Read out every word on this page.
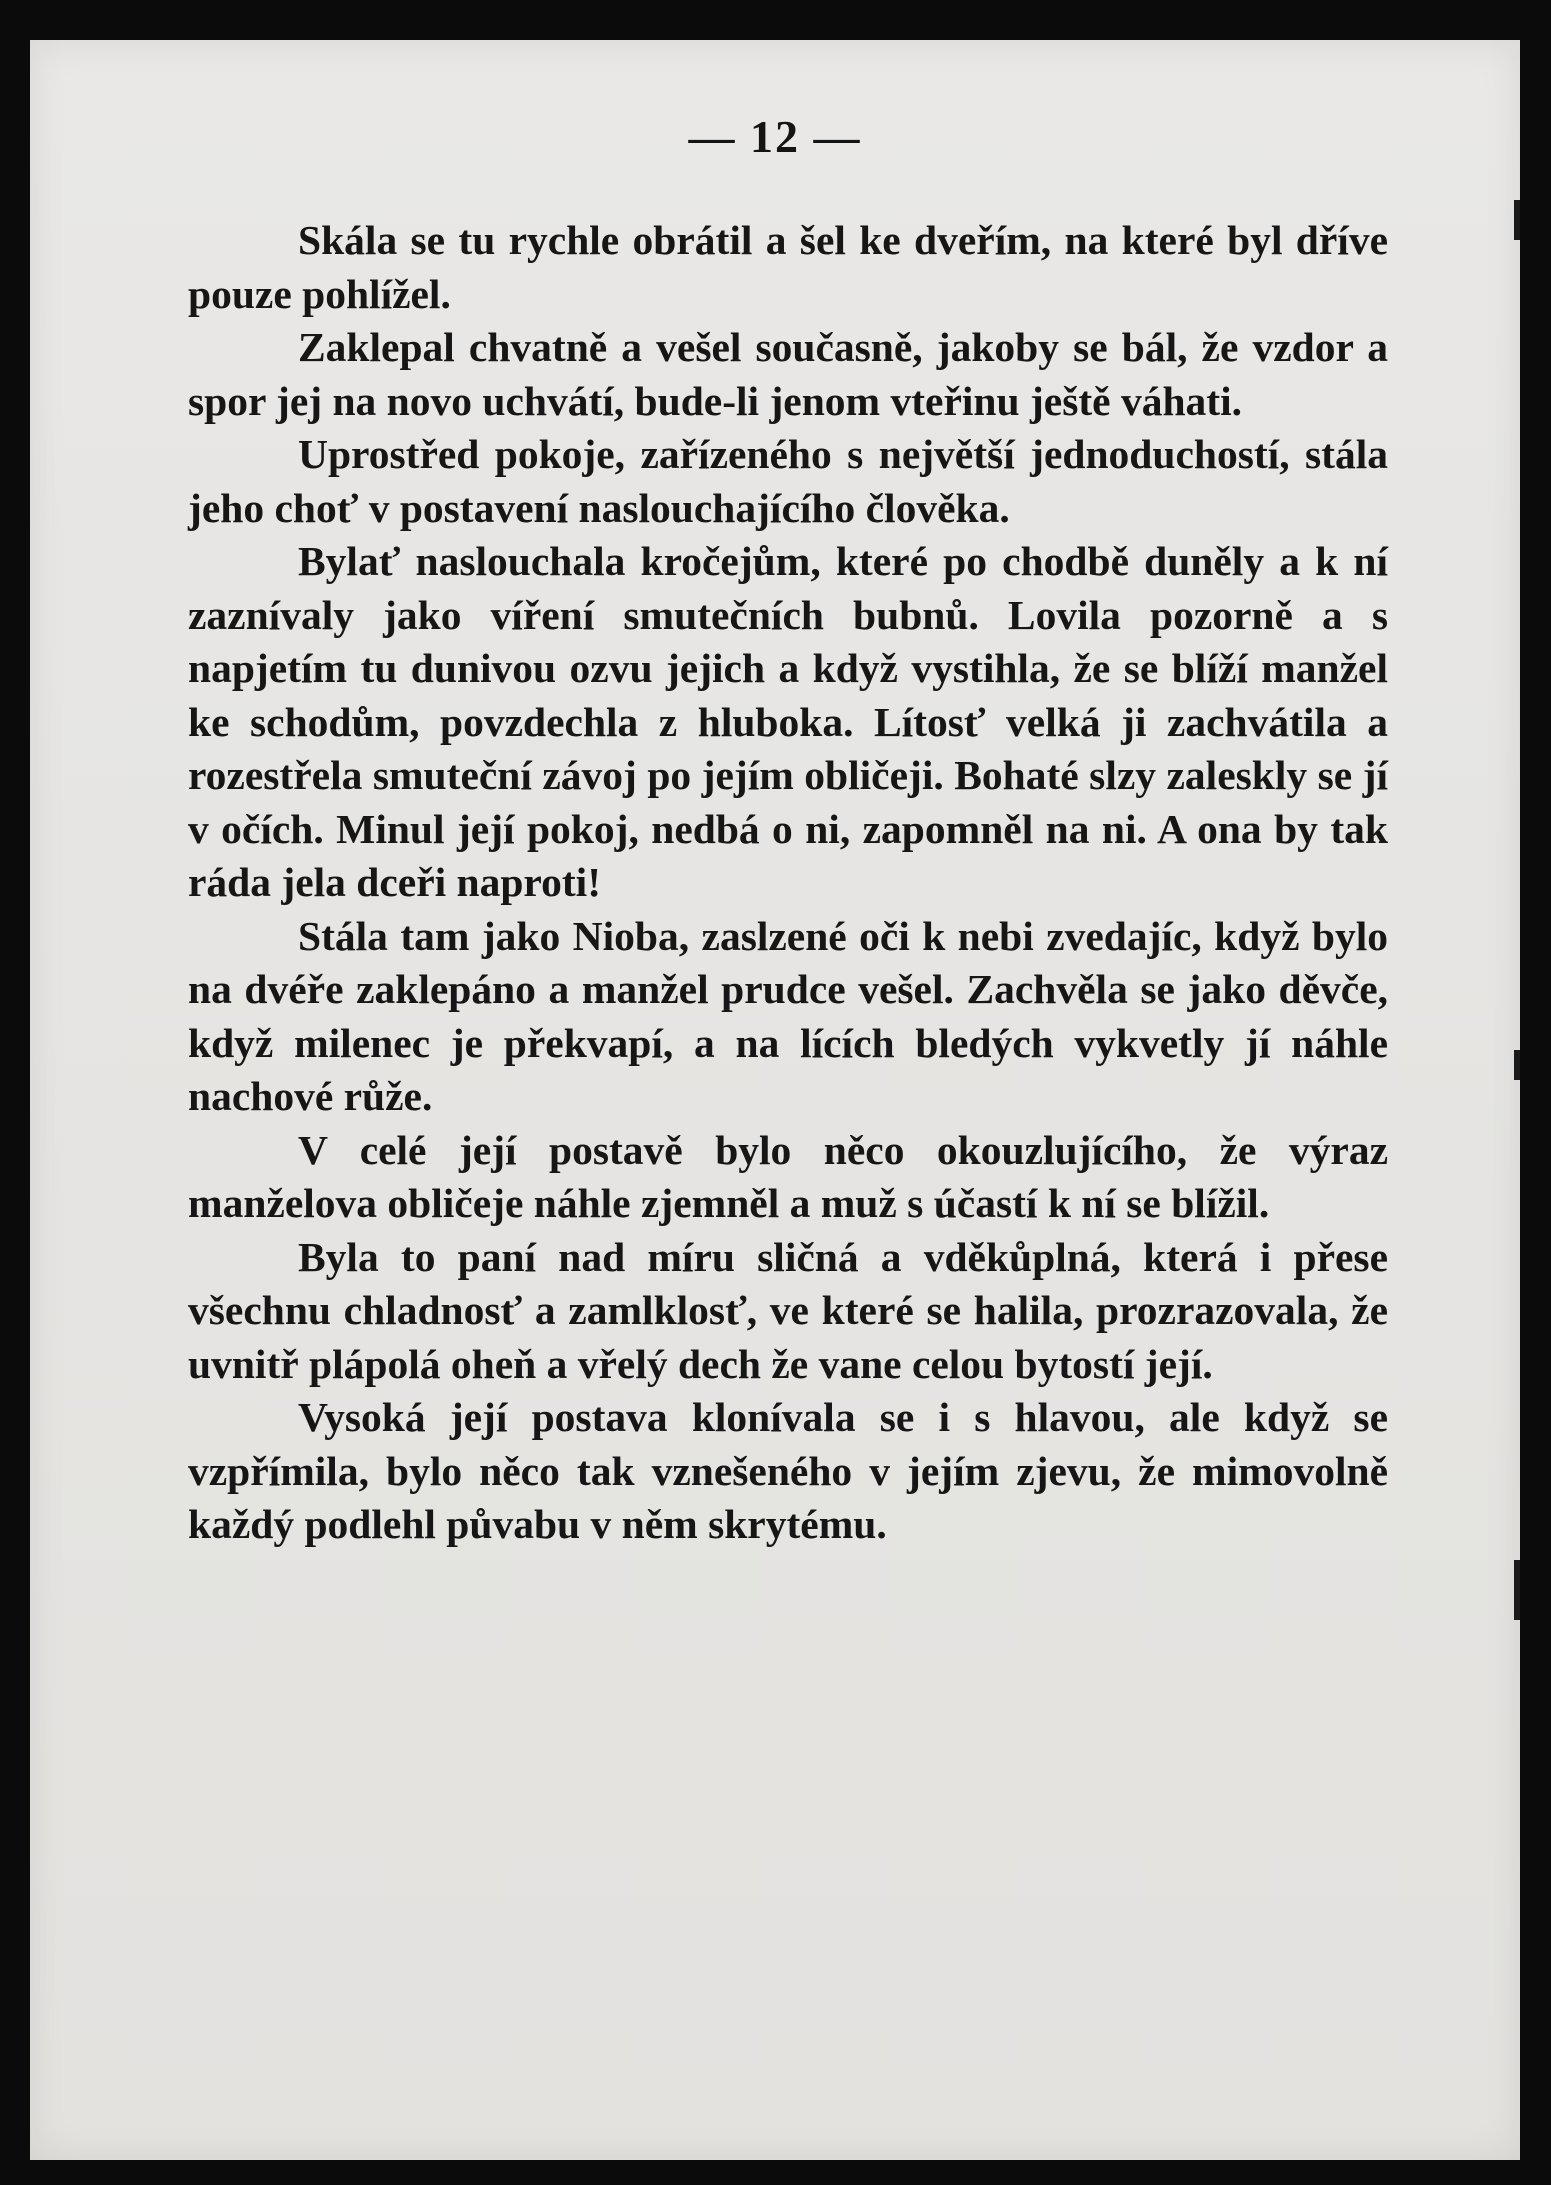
— 12 —

Skála se tu rychle obrátil a šel ke dveřím, na které byl dříve pouze pohlížel.

Zaklepal chvatně a vešel současně, jakoby se bál, že vzdor a spor jej na novo uchvátí, bude-li jenom vteřinu ještě váhati.

Uprostřed pokoje, zařízeného s největší jednoduchostí, stála jeho choť v postavení naslouchajícího člověka.

Bylať naslouchala kročejům, které po chodbě duněly a k ní zaznívaly jako víření smutečních bubnů. Lovila pozorně a s napjetím tu dunivou ozvu jejich a když vystihla, že se blíží manžel ke schodům, povzdechla z hluboka. Lítosť velká ji zachvátila a rozestřela smuteční závoj po jejím obličeji. Bohaté slzy zaleskly se jí v očích. Minul její pokoj, nedbá o ni, zapomněl na ni. A ona by tak ráda jela dceři naproti!

Stála tam jako Nioba, zaslzené oči k nebi zvedajíc, když bylo na dvéře zaklepáno a manžel prudce vešel. Zachvěla se jako děvče, když milenec je překvapí, a na lících bledých vykvetly jí náhle nachové růže.

V celé její postavě bylo něco okouzlujícího, že výraz manželova obličeje náhle zjemněl a muž s účastí k ní se blížil.

Byla to paní nad míru sličná a vděkůplná, která i přese všechnu chladnosť a zamlklosť, ve které se halila, prozrazovala, že uvnitř plápolá oheň a vřelý dech že vane celou bytostí její.

Vysoká její postava klonívala se i s hlavou, ale když se vzpřímila, bylo něco tak vznešeného v jejím zjevu, že mimovolně každý podlehl půvabu v něm skrytému.
